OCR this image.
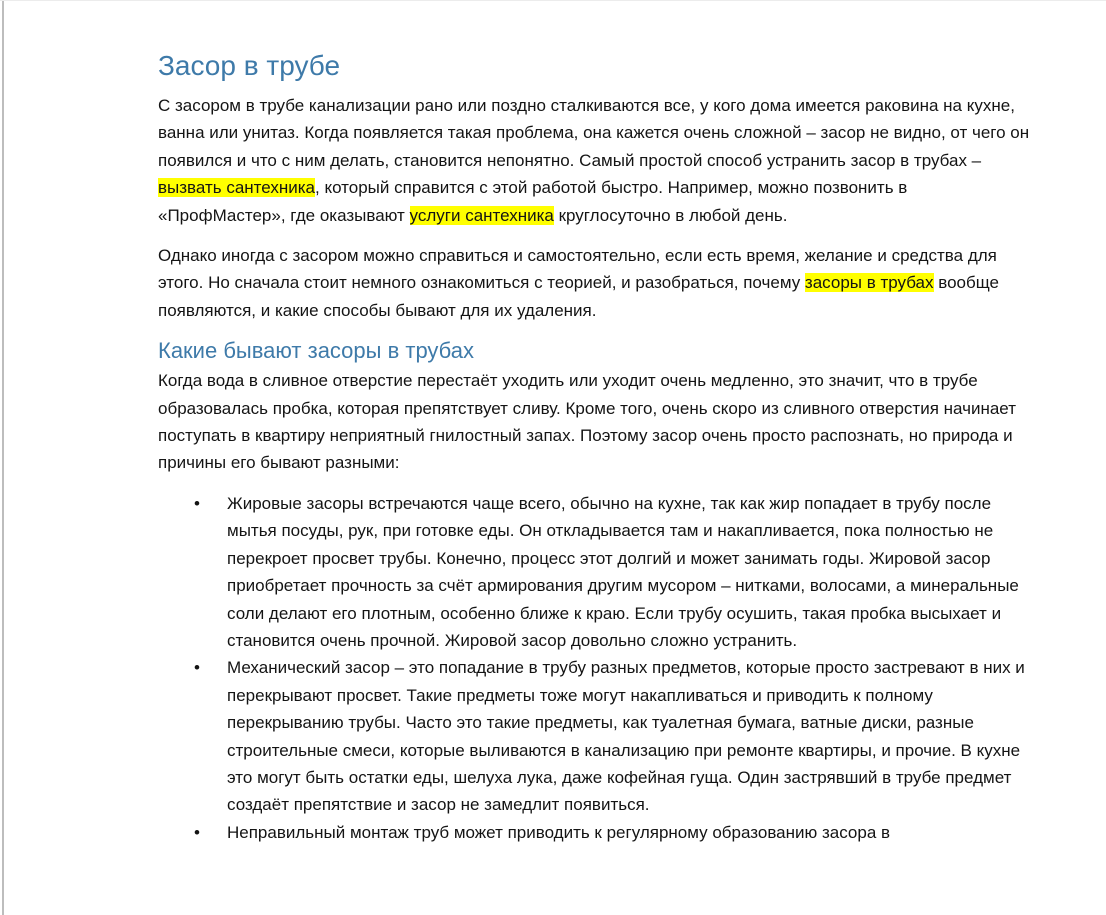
Засор в трубе

С засором в трубе канализации рано или поздно сталкиваются все, у кого дома имеется раковина на кухне, ванна или унитаз. Когда появляется такая проблема, она кажется очень сложной – засор не видно, от чего он появился и что с ним делать, становится непонятно. Самый простой способ устранить засор в трубах – вызвать сантехника, который справится с этой работой быстро. Например, можно позвонить в «ПрофМастер», где оказывают услуги сантехника круглосуточно в любой день.

Однако иногда с засором можно справиться и самостоятельно, если есть время, желание и средства для этого. Но сначала стоит немного ознакомиться с теорией, и разобраться, почему засоры в трубах вообще появляются, и какие способы бывают для их удаления.

Какие бывают засоры в трубах

Когда вода в сливное отверстие перестаёт уходить или уходит очень медленно, это значит, что в трубе образовалась пробка, которая препятствует сливу. Кроме того, очень скоро из сливного отверстия начинает поступать в квартиру неприятный гнилостный запах. Поэтому засор очень просто распознать, но природа и причины его бывают разными:

•	Жировые засоры встречаются чаще всего, обычно на кухне, так как жир попадает в трубу после мытья посуды, рук, при готовке еды. Он откладывается там и накапливается, пока полностью не перекроет просвет трубы. Конечно, процесс этот долгий и может занимать годы. Жировой засор приобретает прочность за счёт армирования другим мусором – нитками, волосами, а минеральные соли делают его плотным, особенно ближе к краю. Если трубу осушить, такая пробка высыхает и становится очень прочной. Жировой засор довольно сложно устранить.
•	Механический засор – это попадание в трубу разных предметов, которые просто застревают в них и перекрывают просвет. Такие предметы тоже могут накапливаться и приводить к полному перекрыванию трубы. Часто это такие предметы, как туалетная бумага, ватные диски, разные строительные смеси, которые выливаются в канализацию при ремонте квартиры, и прочие. В кухне это могут быть остатки еды, шелуха лука, даже кофейная гуща. Один застрявший в трубе предмет создаёт препятствие и засор не замедлит появиться.
•	Неправильный монтаж труб может приводить к регулярному образованию засора в
